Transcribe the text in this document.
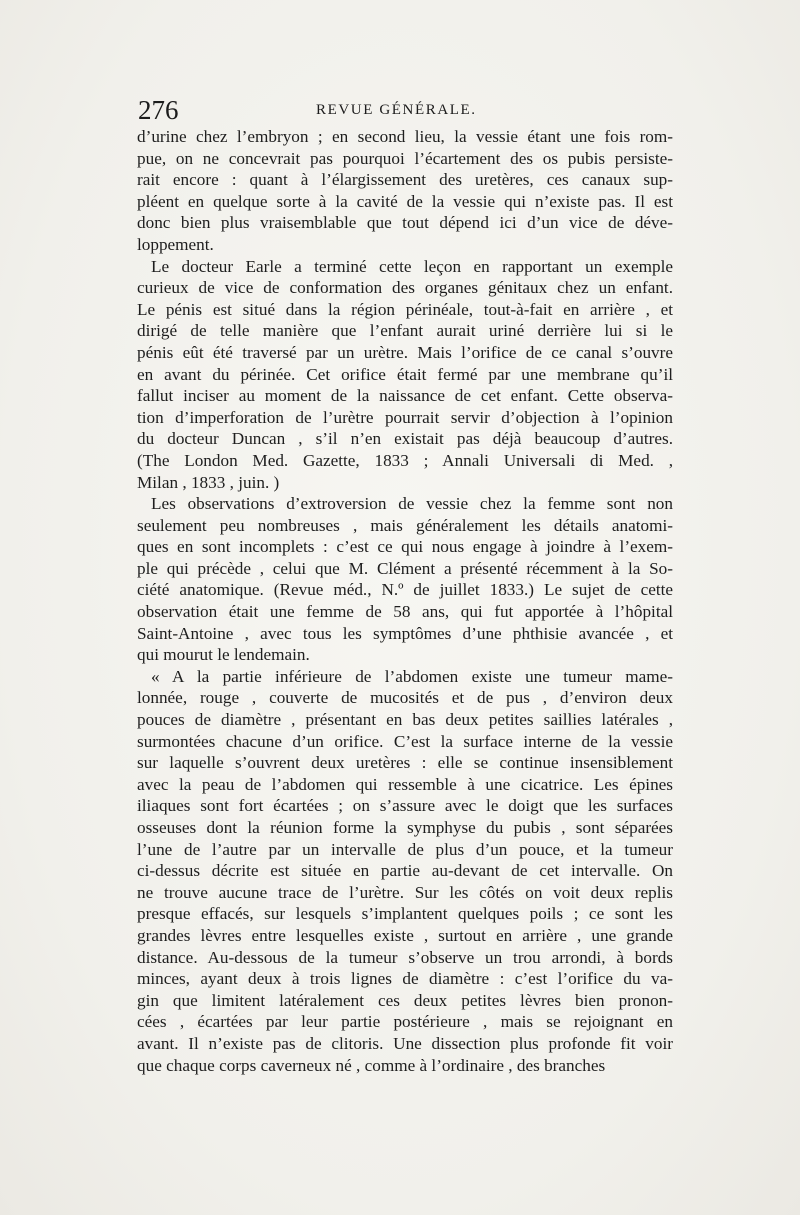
276	REVUE GÉNÉRALE.
d’urine chez l’embryon ; en second lieu, la vessie étant une fois rom-
pue, on ne concevrait pas pourquoi l’écartement des os pubis persiste-
rait encore : quant à l’élargissement des uretères, ces canaux sup-
pléent en quelque sorte à la cavité de la vessie qui n’existe pas. Il est
donc bien plus vraisemblable que tout dépend ici d’un vice de déve-
loppement.
Le docteur Earle a terminé cette leçon en rapportant un exemple
curieux de vice de conformation des organes génitaux chez un enfant.
Le pénis est situé dans la région périnéale, tout-à-fait en arrière , et
dirigé de telle manière que l’enfant aurait uriné derrière lui si le
pénis eût été traversé par un urètre. Mais l’orifice de ce canal s’ouvre
en avant du périnée. Cet orifice était fermé par une membrane qu’il
fallut inciser au moment de la naissance de cet enfant. Cette observa-
tion d’imperforation de l’urètre pourrait servir d’objection à l’opinion
du docteur Duncan , s’il n’en existait pas déjà beaucoup d’autres.
(The London Med. Gazette, 1833 ; Annali Universali di Med. ,
Milan , 1833 , juin. )
Les observations d’extroversion de vessie chez la femme sont non
seulement peu nombreuses , mais généralement les détails anatomi-
ques en sont incomplets : c’est ce qui nous engage à joindre à l’exem-
ple qui précède , celui que M. Clément a présenté récemment à la So-
ciété anatomique. (Revue méd., N.º de juillet 1833.) Le sujet de cette
observation était une femme de 58 ans, qui fut apportée à l’hôpital
Saint-Antoine , avec tous les symptômes d’une phthisie avancée , et
qui mourut le lendemain.
« A la partie inférieure de l’abdomen existe une tumeur mame-
lonnée, rouge , couverte de mucosités et de pus , d’environ deux
pouces de diamètre , présentant en bas deux petites saillies latérales ,
surmontées chacune d’un orifice. C’est la surface interne de la vessie
sur laquelle s’ouvrent deux uretères : elle se continue insensiblement
avec la peau de l’abdomen qui ressemble à une cicatrice. Les épines
iliaques sont fort écartées ; on s’assure avec le doigt que les surfaces
osseuses dont la réunion forme la symphyse du pubis , sont séparées
l’une de l’autre par un intervalle de plus d’un pouce, et la tumeur
ci-dessus décrite est située en partie au-devant de cet intervalle. On
ne trouve aucune trace de l’urètre. Sur les côtés on voit deux replis
presque effacés, sur lesquels s’implantent quelques poils ; ce sont les
grandes lèvres entre lesquelles existe , surtout en arrière , une grande
distance. Au-dessous de la tumeur s’observe un trou arrondi, à bords
minces, ayant deux à trois lignes de diamètre : c’est l’orifice du va-
gin que limitent latéralement ces deux petites lèvres bien pronon-
cées , écartées par leur partie postérieure , mais se rejoignant en
avant. Il n’existe pas de clitoris. Une dissection plus profonde fit voir
que chaque corps caverneux né , comme à l’ordinaire , des branches
